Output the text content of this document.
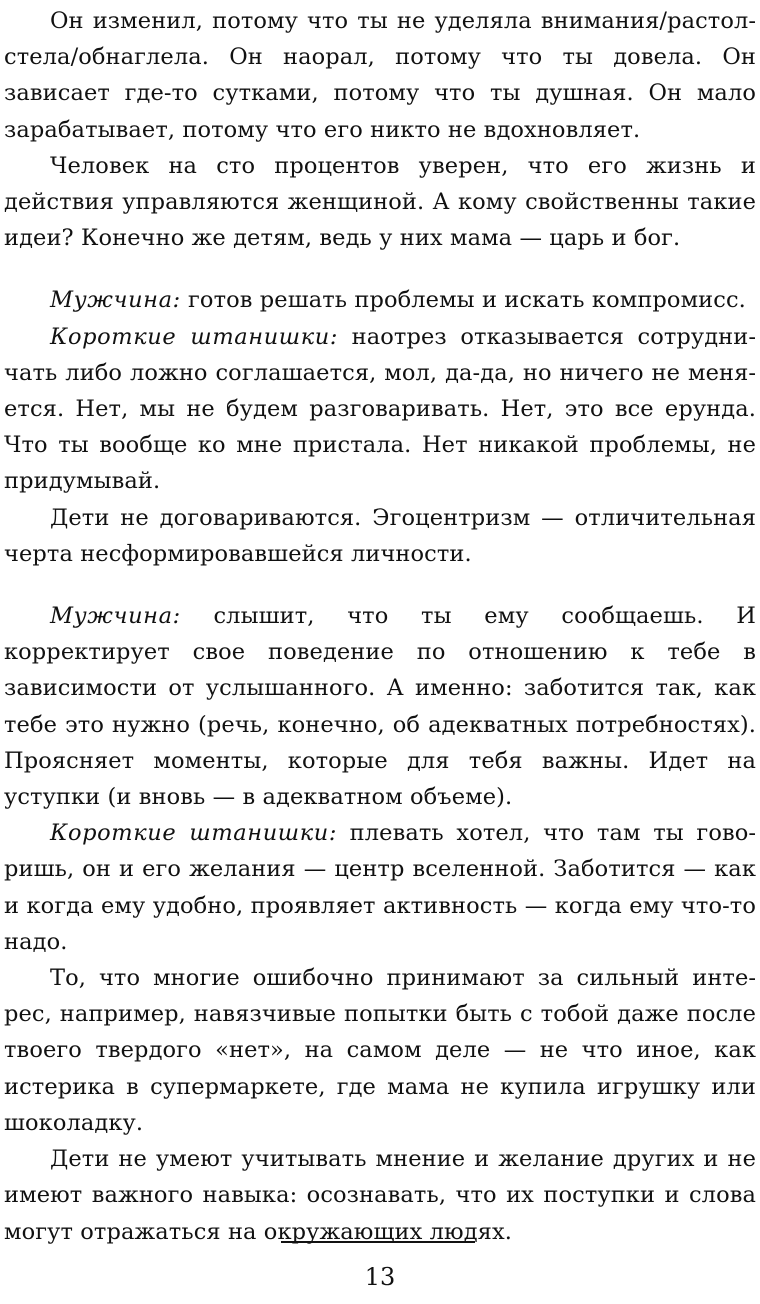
Он изменил, потому что ты не уделяла внимания/растолстела/обнаглела. Он наорал, потому что ты довела. Он зависает где-то сутками, потому что ты душная. Он мало зарабатывает, потому что его никто не вдохновляет.

Человек на сто процентов уверен, что его жизнь и действия управляются женщиной. А кому свойственны такие идеи? Конечно же детям, ведь у них мама — царь и бог.

Мужчина: готов решать проблемы и искать компромисс.

Короткие штанишки: наотрез отказывается сотрудничать либо ложно соглашается, мол, да-да, но ничего не меняется. Нет, мы не будем разговаривать. Нет, это все ерунда. Что ты вообще ко мне пристала. Нет никакой проблемы, не придумывай.

Дети не договариваются. Эгоцентризм — отличительная черта несформировавшейся личности.

Мужчина: слышит, что ты ему сообщаешь. И корректирует свое поведение по отношению к тебе в зависимости от услышанного. А именно: заботится так, как тебе это нужно (речь, конечно, об адекватных потребностях). Проясняет моменты, которые для тебя важны. Идет на уступки (и вновь — в адекватном объеме).

Короткие штанишки: плевать хотел, что там ты говоришь, он и его желания — центр вселенной. Заботится — как и когда ему удобно, проявляет активность — когда ему что-то надо.

То, что многие ошибочно принимают за сильный интерес, например, навязчивые попытки быть с тобой даже после твоего твердого «нет», на самом деле — не что иное, как истерика в супермаркете, где мама не купила игрушку или шоколадку.

Дети не умеют учитывать мнение и желание других и не имеют важного навыка: осознавать, что их поступки и слова могут отражаться на окружающих людях.

13
